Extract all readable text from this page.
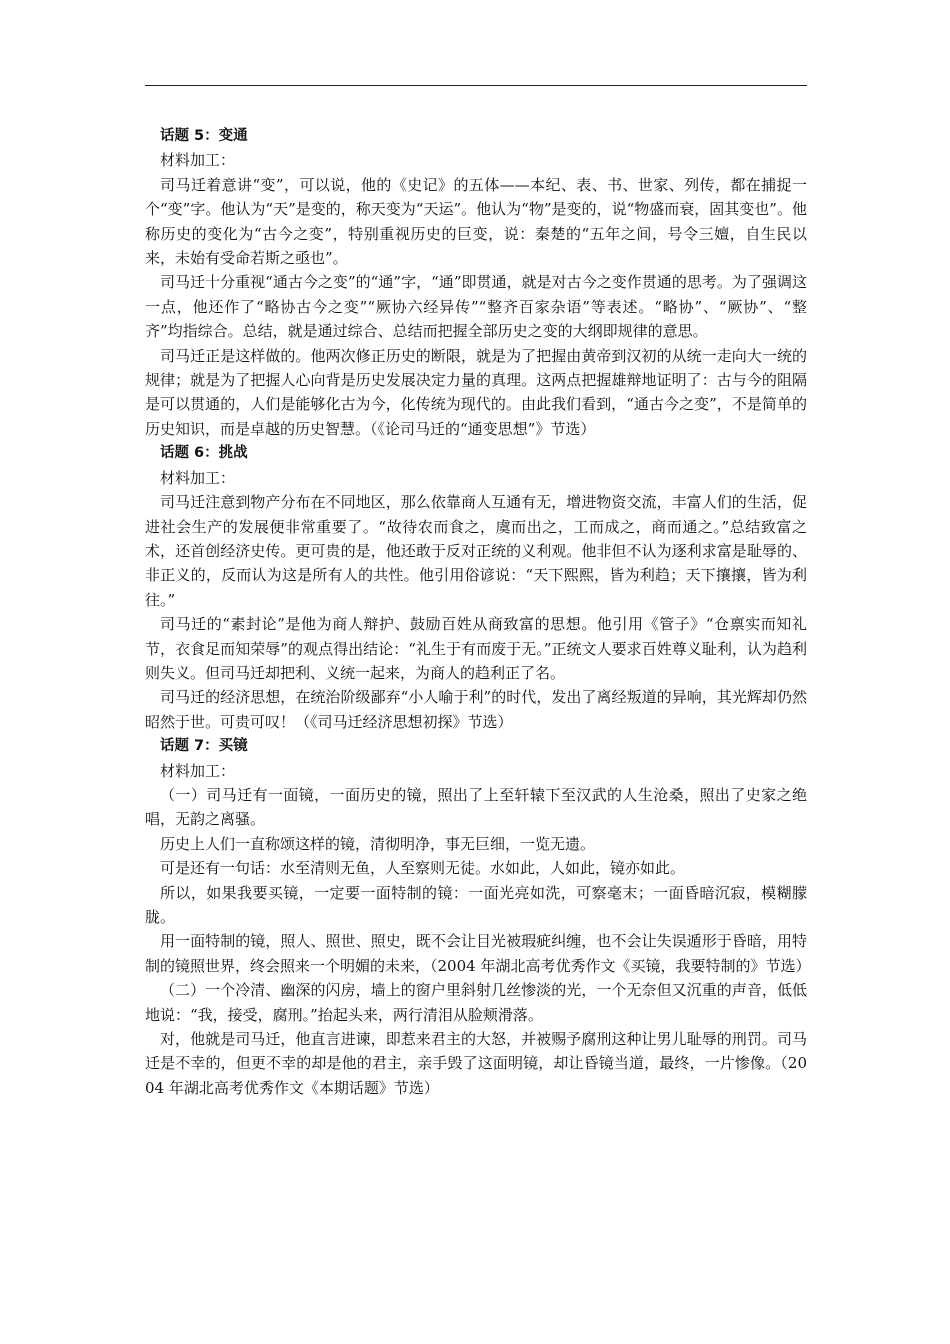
话题 5：变通

材料加工：

司马迁着意讲“变”，可以说，他的《史记》的五体——本纪、表、书、世家、列传，都在捕捉一个“变”字。他认为“天”是变的，称天变为“天运”。他认为“物”是变的，说“物盛而衰，固其变也”。他称历史的变化为“古今之变”，特别重视历史的巨变，说：秦楚的“五年之间，号令三嬗，自生民以来，未始有受命若斯之亟也”。

司马迁十分重视“通古今之变”的“通”字，“通”即贯通，就是对古今之变作贯通的思考。为了强调这一点，他还作了“略协古今之变”“厥协六经异传”“整齐百家杂语”等表述。“略协”、“厥协”、“整齐”均指综合。总结，就是通过综合、总结而把握全部历史之变的大纲即规律的意思。

司马迁正是这样做的。他两次修正历史的断限，就是为了把握由黄帝到汉初的从统一走向大一统的规律；就是为了把握人心向背是历史发展决定力量的真理。这两点把握雄辩地证明了：古与今的阻隔是可以贯通的，人们是能够化古为今，化传统为现代的。由此我们看到，“通古今之变”，不是简单的历史知识，而是卓越的历史智慧。（《论司马迁的“通变思想”》节选）

话题 6：挑战

材料加工：

司马迁注意到物产分布在不同地区，那么依靠商人互通有无，增进物资交流，丰富人们的生活，促进社会生产的发展便非常重要了。“故待农而食之，虞而出之，工而成之，商而通之。”总结致富之术，还首创经济史传。更可贵的是，他还敢于反对正统的义利观。他非但不认为逐利求富是耻辱的、非正义的，反而认为这是所有人的共性。他引用俗谚说：“天下熙熙，皆为利趋；天下攘攘，皆为利往。”

司马迁的“素封论”是他为商人辩护、鼓励百姓从商致富的思想。他引用《管子》“仓禀实而知礼节，衣食足而知荣辱”的观点得出结论：“礼生于有而废于无。”正统文人要求百姓尊义耻利，认为趋利则失义。但司马迁却把利、义统一起来，为商人的趋利正了名。

司马迁的经济思想，在统治阶级鄙弃“小人喻于利”的时代，发出了离经叛道的异响，其光辉却仍然昭然于世。可贵可叹！（《司马迁经济思想初探》节选）

话题 7：买镜

材料加工：

（一）司马迁有一面镜，一面历史的镜，照出了上至轩辕下至汉武的人生沧桑，照出了史家之绝唱，无韵之离骚。

历史上人们一直称颂这样的镜，清彻明净，事无巨细，一览无遗。

可是还有一句话：水至清则无鱼，人至察则无徒。水如此，人如此，镜亦如此。

所以，如果我要买镜，一定要一面特制的镜：一面光亮如洗，可察毫末；一面昏暗沉寂，模糊朦胧。

用一面特制的镜，照人、照世、照史，既不会让目光被瑕疵纠缠，也不会让失误遁形于昏暗，用特制的镜照世界，终会照来一个明媚的未来，（2004 年湖北高考优秀作文《买镜，我要特制的》节选）

（二）一个冷清、幽深的闪房，墙上的窗户里斜射几丝惨淡的光，一个无奈但又沉重的声音，低低地说：“我，接受，腐刑。”抬起头来，两行清泪从脸颊滑落。

对，他就是司马迁，他直言进谏，即惹来君主的大怒，并被赐予腐刑这种让男儿耻辱的刑罚。司马迁是不幸的，但更不幸的却是他的君主，亲手毁了这面明镜，却让昏镜当道，最终，一片惨像。（2004 年湖北高考优秀作文《本期话题》节选）
